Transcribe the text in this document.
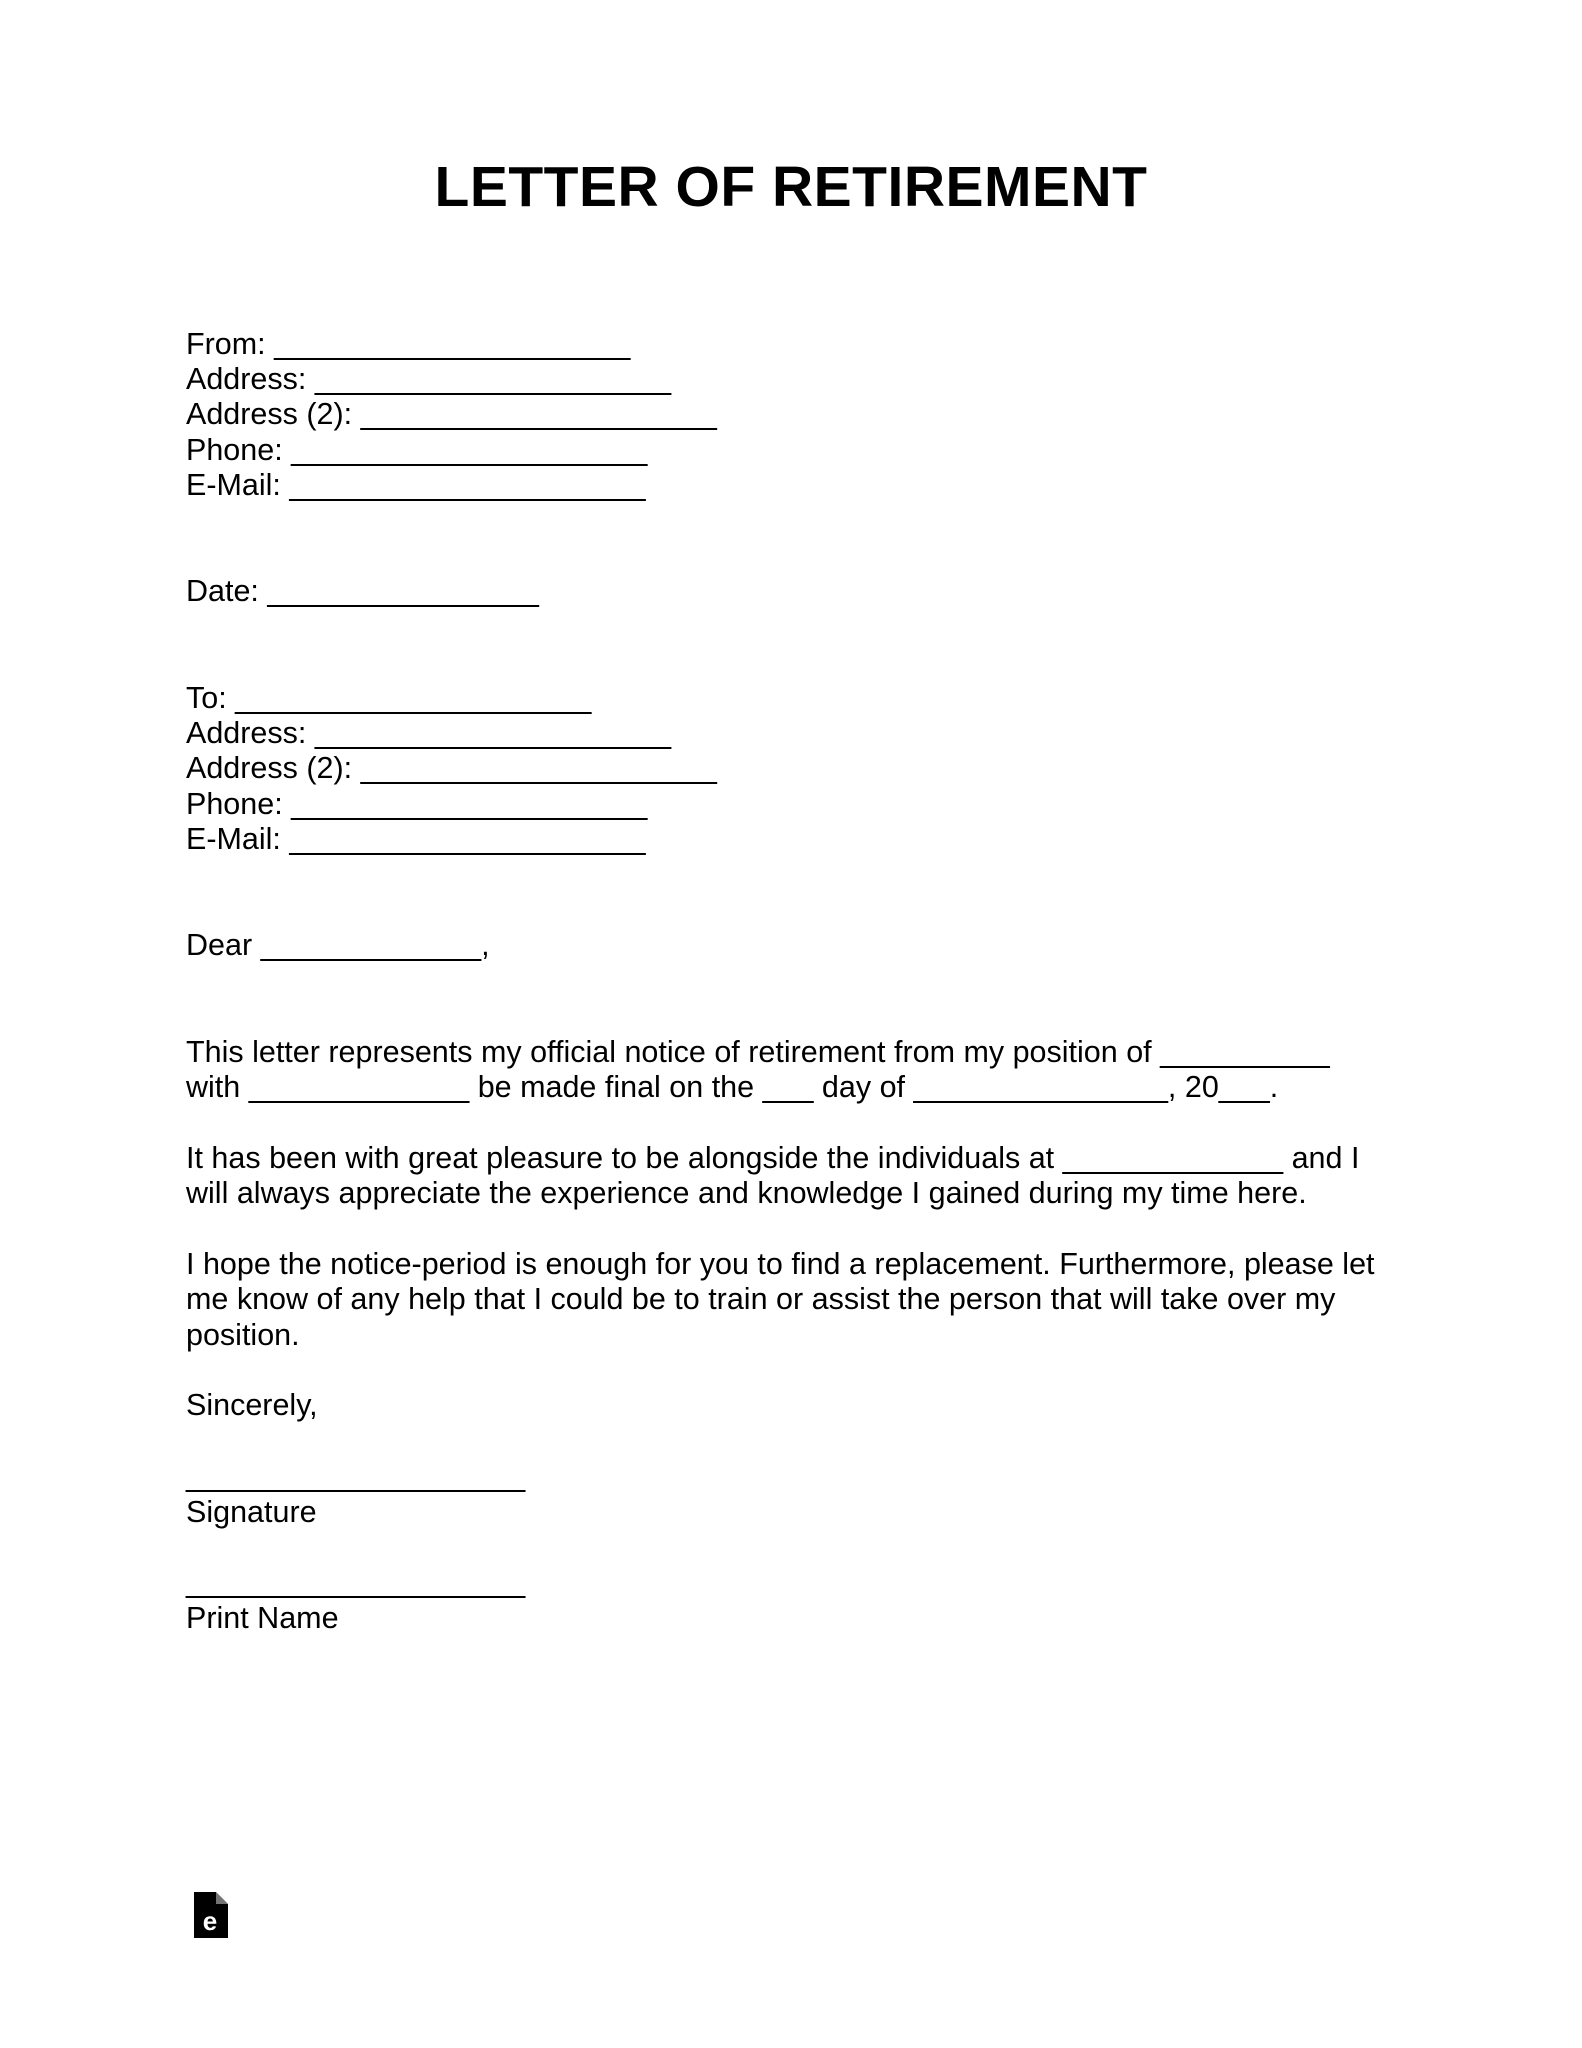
LETTER OF RETIREMENT
From: _____________________
Address: _____________________
Address (2): _____________________
Phone: _____________________
E-Mail: _____________________
Date: ________________
To: _____________________
Address: _____________________
Address (2): _____________________
Phone: _____________________
E-Mail: _____________________
Dear _____________,
This letter represents my official notice of retirement from my position of __________
with _____________ be made final on the ___ day of _______________, 20___.
It has been with great pleasure to be alongside the individuals at _____________ and I
will always appreciate the experience and knowledge I gained during my time here.
I hope the notice-period is enough for you to find a replacement. Furthermore, please let
me know of any help that I could be to train or assist the person that will take over my
position.
Sincerely,
____________________
Signature
____________________
Print Name
e
